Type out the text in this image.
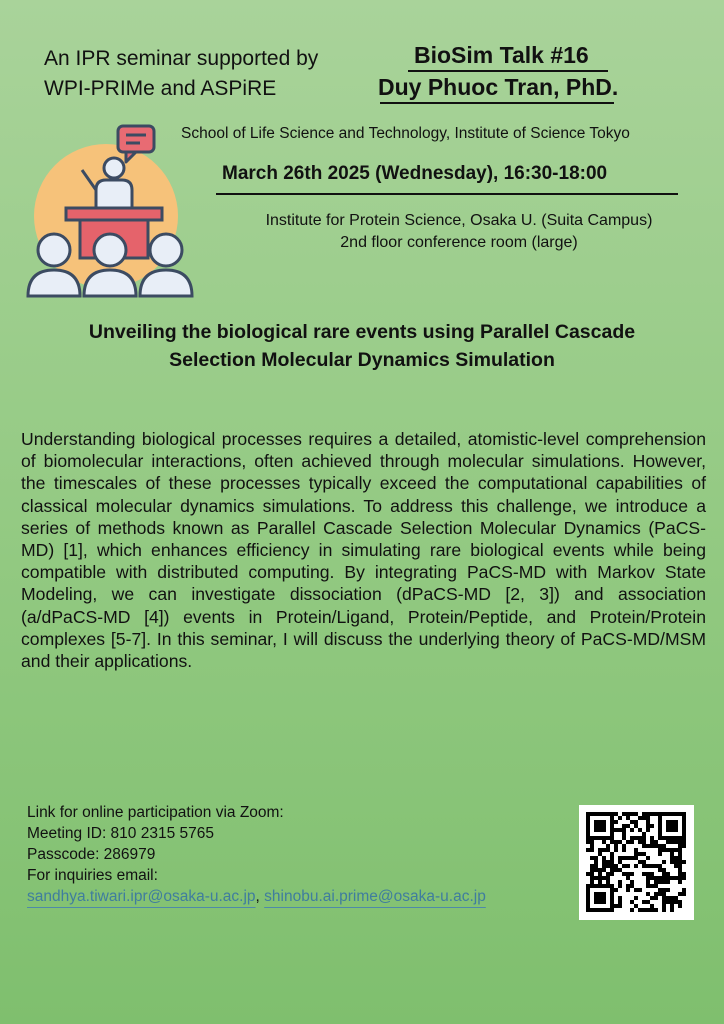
An IPR seminar supported by
WPI-PRIMe and ASPiRE
BioSim Talk #16
Duy Phuoc Tran, PhD.
School of Life Science and Technology, Institute of Science Tokyo
March 26th 2025 (Wednesday), 16:30-18:00
Institute for Protein Science, Osaka U. (Suita Campus)
2nd floor conference room (large)
Unveiling the biological rare events using Parallel Cascade
Selection Molecular Dynamics Simulation
Understanding biological processes requires a detailed, atomistic-level comprehension of biomolecular interactions, often achieved through molecular simulations. However, the timescales of these processes typically exceed the computational capabilities of classical molecular dynamics simulations. To address this challenge, we introduce a series of methods known as Parallel Cascade Selection Molecular Dynamics (PaCS-MD) [1], which enhances efficiency in simulating rare biological events while being compatible with distributed computing. By integrating PaCS-MD with Markov State Modeling, we can investigate dissociation (dPaCS-MD [2, 3]) and association (a/dPaCS-MD [4]) events in Protein/Ligand, Protein/Peptide, and Protein/Protein complexes [5-7]. In this seminar, I will discuss the underlying theory of PaCS-MD/MSM and their applications.
Link for online participation via Zoom:
Meeting ID: 810 2315 5765
Passcode: 286979
For inquiries email:
sandhya.tiwari.ipr@osaka-u.ac.jp, shinobu.ai.prime@osaka-u.ac.jp
